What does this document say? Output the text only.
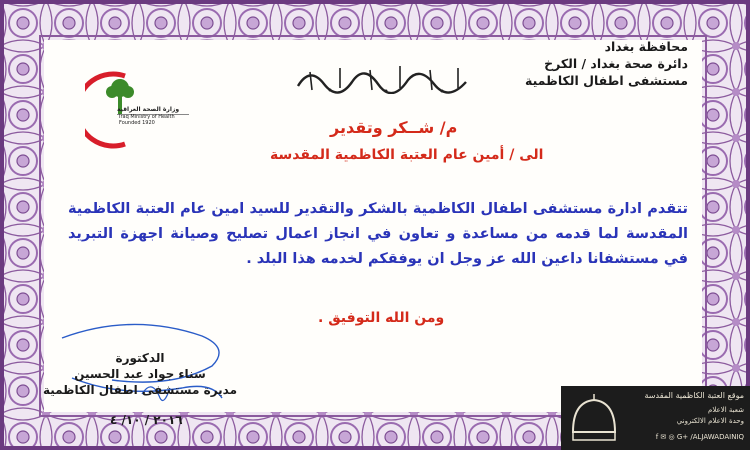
محافظة بغداد
دائرة صحة بغداد / الكرخ
مستشفى اطفال الكاظمية
وزارة الصحة العراقية
Iraq Ministry of Health
Founded 1920	م/ شــكر وتقدير
الى / أمين عام العتبة الكاظمية المقدسة
تتقدم ادارة مستشفى اطفال الكاظمية بالشكر والتقدير للسيد امين عام العتبة الكاظمية المقدسة لما قدمه من مساعدة و تعاون في انجاز اعمال تصليح وصيانة اجهزة التبريد في مستشفانا داعين الله عز وجل ان يوفقكم لخدمه هذا البلد .
ومن الله التوفيق .
الدكتورة
سناء جواد عبد الحسين
مديرة مستشفى اطفال الكاظمية
٢٠١٦ / ١٠/ ٤
موقع العتبة الكاظمية المقدسة
شعبة الاعلام
وحدة الاعلام الالكتروني
f ✉ ◎ G+ /ALJAWADAINIQ
